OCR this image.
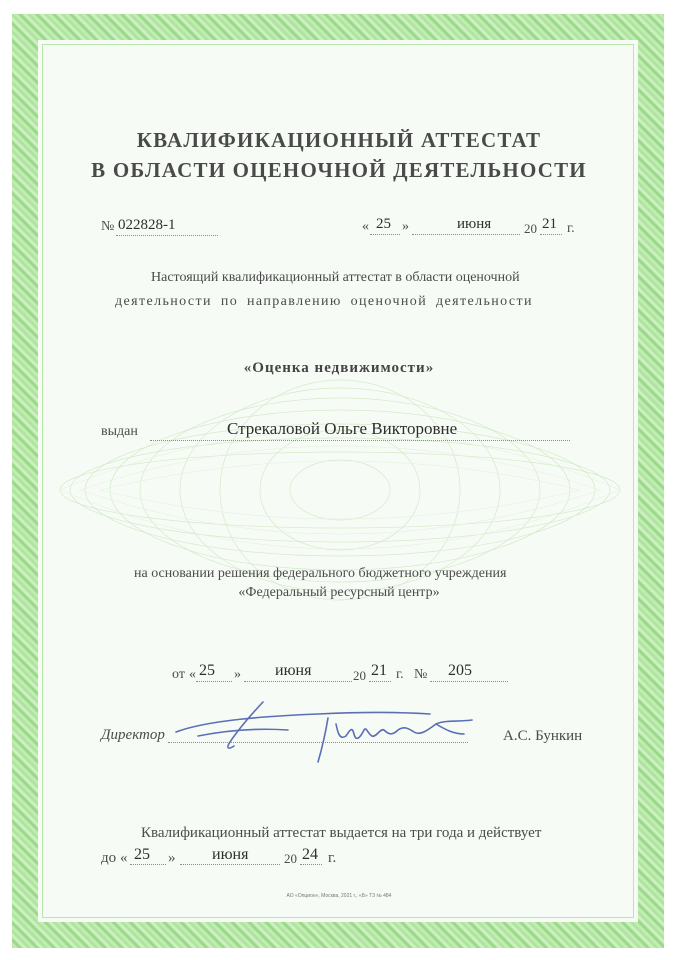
КВАЛИФИКАЦИОННЫЙ АТТЕСТАТ
В ОБЛАСТИ ОЦЕНОЧНОЙ ДЕЯТЕЛЬНОСТИ
№ 022828-1	« 25 »	июня	20 21 г.
Настоящий квалификационный аттестат в области оценочной
деятельности по направлению оценочной деятельности
«Оценка недвижимости»
выдан	Стрекаловой Ольге Викторовне
на основании решения федерального бюджетного учреждения
«Федеральный ресурсный центр»
от « 25 » июня	20 21 г. № 205
Директор	А.С. Бункин
Квалификационный аттестат выдается на три года и действует
до « 25 » июня	20 24 г.
АО «Опцион», Москва, 2021 г., «Б» Т3 № 484
